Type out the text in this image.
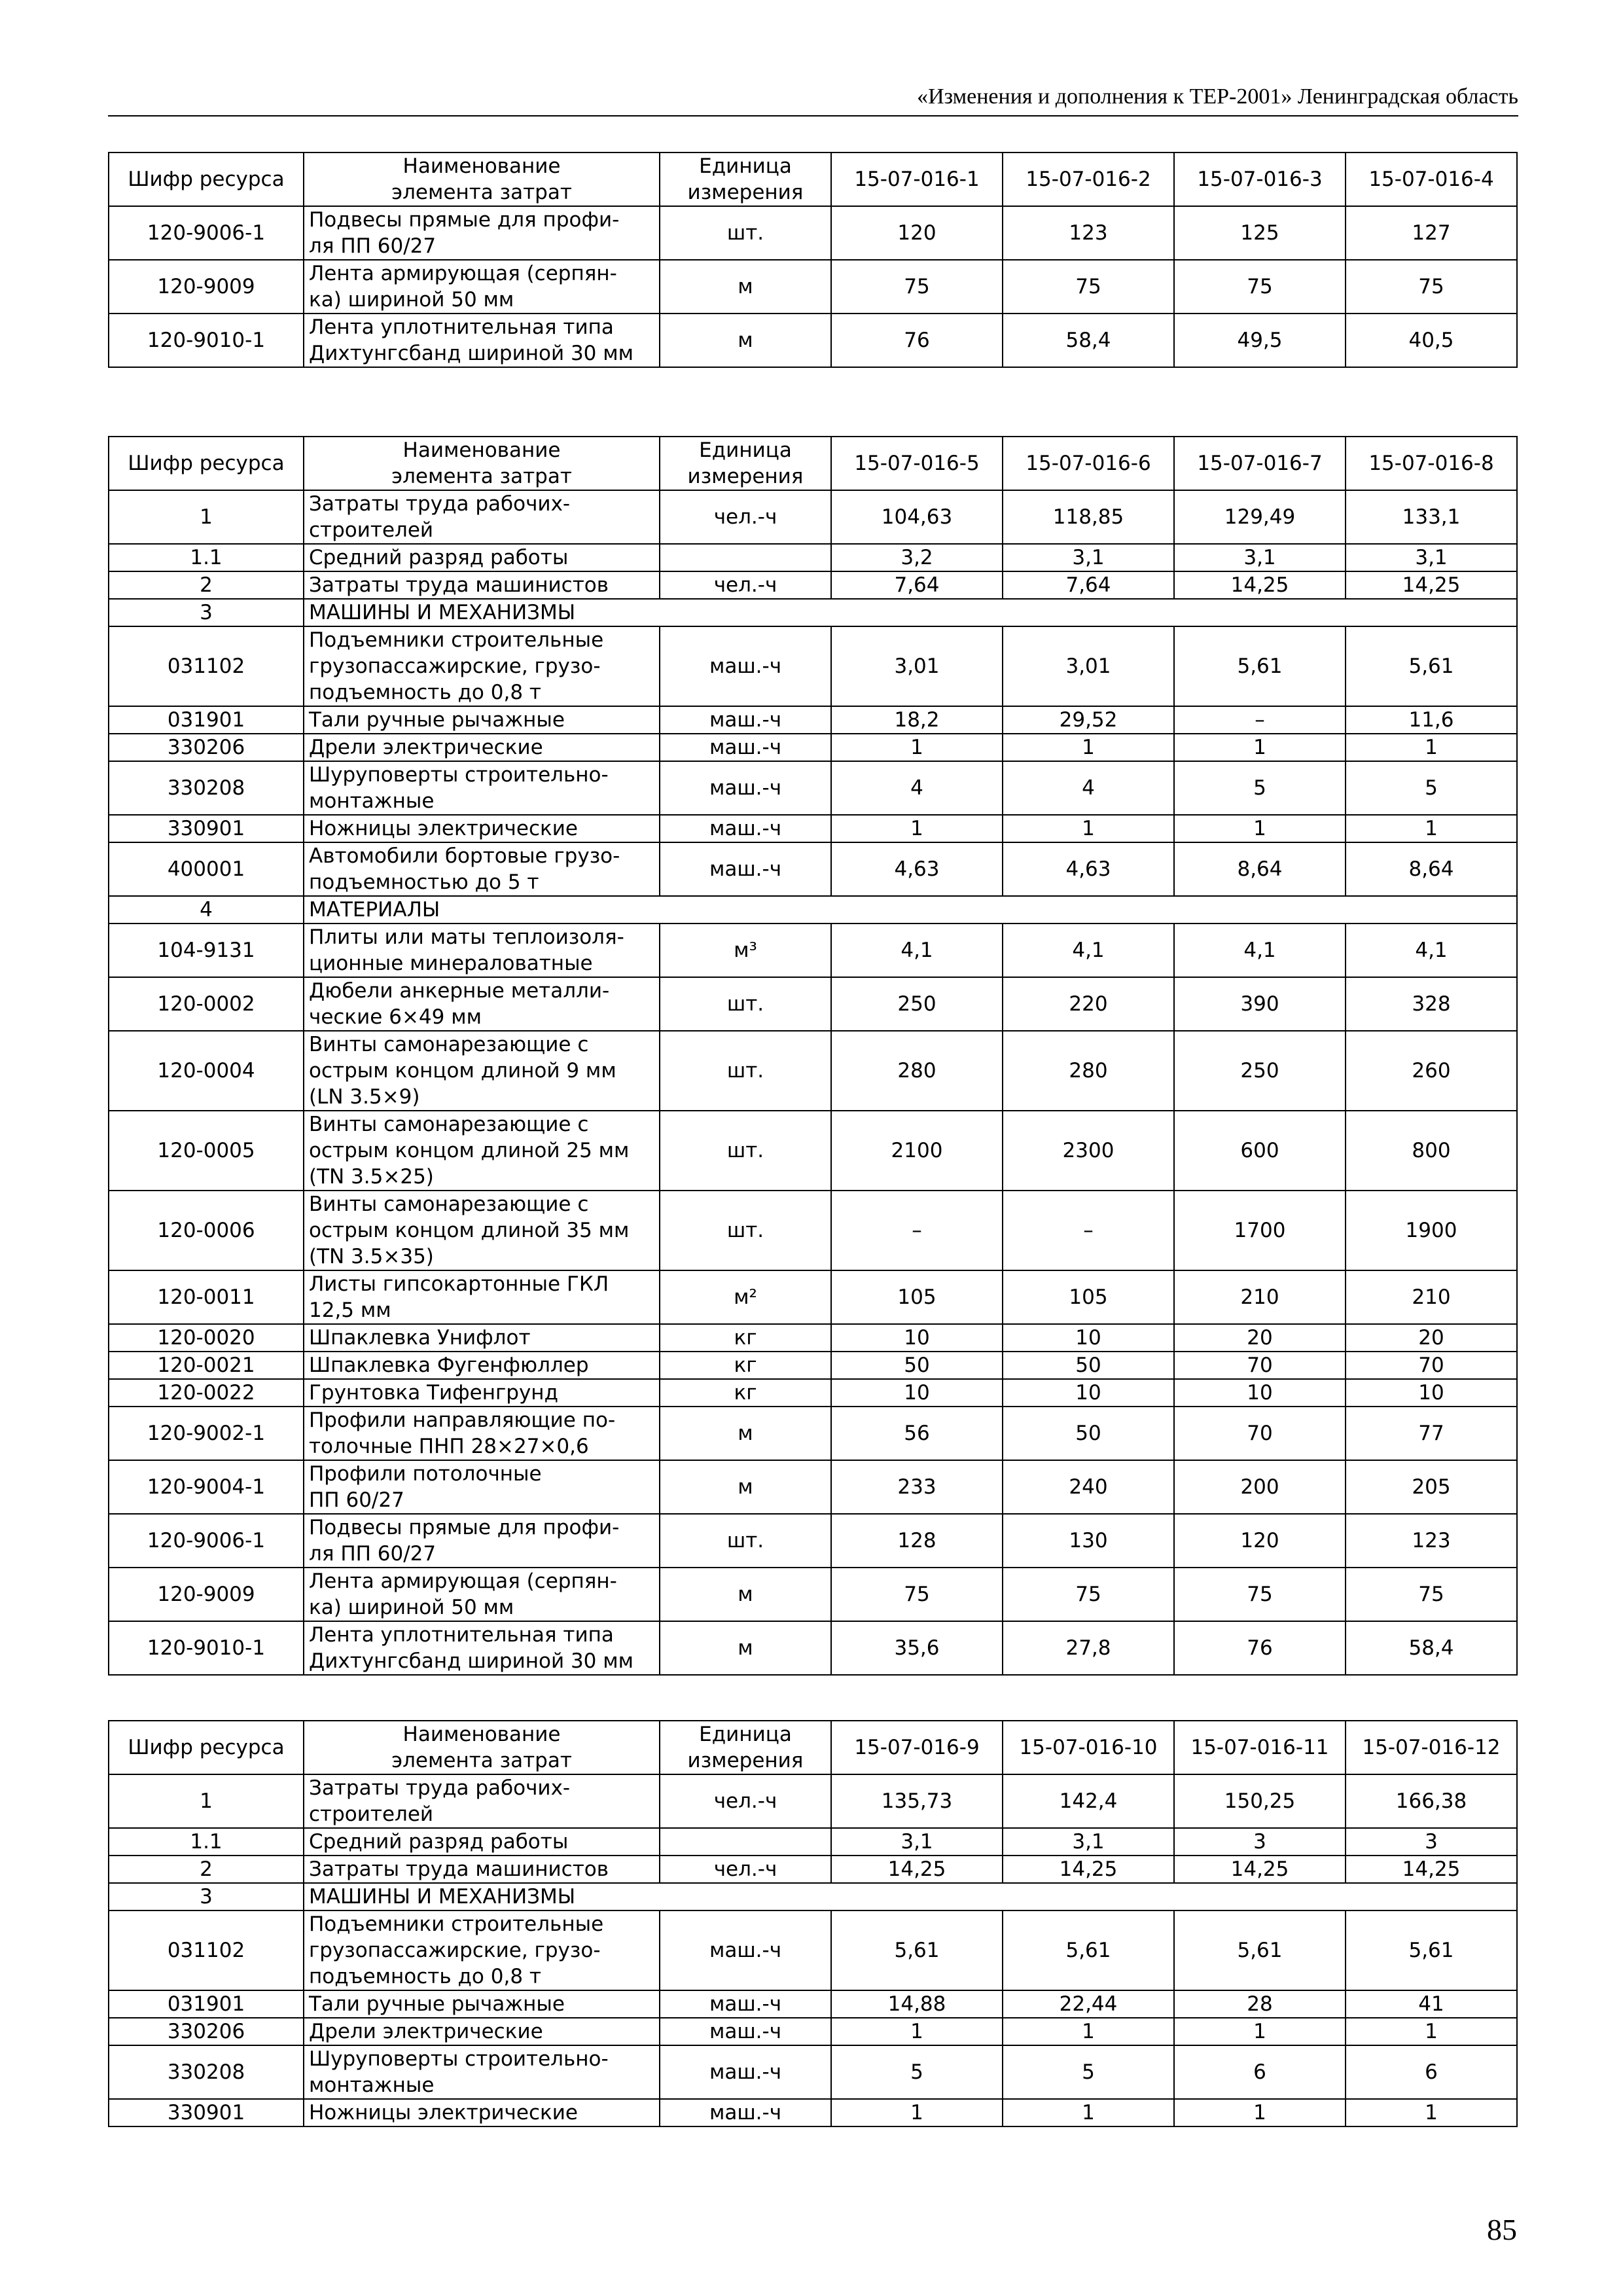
«Изменения и дополнения к ТЕР-2001» Ленинградская область
Шифр ресурса	Наименование
элемента затрат	Единица
измерения	15-07-016-1	15-07-016-2	15-07-016-3	15-07-016-4
120-9006-1	Подвесы прямые для профи-
ля ПП 60/27	шт.	120	123	125	127
120-9009	Лента армирующая (серпян-
ка) шириной 50 мм	м	75	75	75	75
120-9010-1	Лента уплотнительная типа
Дихтунгсбанд шириной 30 мм	м	76	58,4	49,5	40,5
Шифр ресурса	Наименование
элемента затрат	Единица
измерения	15-07-016-5	15-07-016-6	15-07-016-7	15-07-016-8
1	Затраты труда рабочих-
строителей	чел.-ч	104,63	118,85	129,49	133,1
1.1	Средний разряд работы		3,2	3,1	3,1	3,1
2	Затраты труда машинистов	чел.-ч	7,64	7,64	14,25	14,25
3	МАШИНЫ И МЕХАНИЗМЫ					
031102	Подъемники строительные
грузопассажирские, грузо-
подъемность до 0,8 т	маш.-ч	3,01	3,01	5,61	5,61
031901	Тали ручные рычажные	маш.-ч	18,2	29,52	–	11,6
330206	Дрели электрические	маш.-ч	1	1	1	1
330208	Шуруповерты строительно-
монтажные	маш.-ч	4	4	5	5
330901	Ножницы электрические	маш.-ч	1	1	1	1
400001	Автомобили бортовые грузо-
подъемностью до 5 т	маш.-ч	4,63	4,63	8,64	8,64
4	МАТЕРИАЛЫ					
104-9131	Плиты или маты теплоизоля-
ционные минераловатные	м³	4,1	4,1	4,1	4,1
120-0002	Дюбели анкерные металли-
ческие 6×49 мм	шт.	250	220	390	328
120-0004	Винты самонарезающие с
острым концом длиной 9 мм
(LN 3.5×9)	шт.	280	280	250	260
120-0005	Винты самонарезающие с
острым концом длиной 25 мм
(TN 3.5×25)	шт.	2100	2300	600	800
120-0006	Винты самонарезающие с
острым концом длиной 35 мм
(TN 3.5×35)	шт.	–	–	1700	1900
120-0011	Листы гипсокартонные ГКЛ
12,5 мм	м²	105	105	210	210
120-0020	Шпаклевка Унифлот	кг	10	10	20	20
120-0021	Шпаклевка Фугенфюллер	кг	50	50	70	70
120-0022	Грунтовка Тифенгрунд	кг	10	10	10	10
120-9002-1	Профили направляющие по-
толочные ПНП 28×27×0,6	м	56	50	70	77
120-9004-1	Профили потолочные
ПП 60/27	м	233	240	200	205
120-9006-1	Подвесы прямые для профи-
ля ПП 60/27	шт.	128	130	120	123
120-9009	Лента армирующая (серпян-
ка) шириной 50 мм	м	75	75	75	75
120-9010-1	Лента уплотнительная типа
Дихтунгсбанд шириной 30 мм	м	35,6	27,8	76	58,4
Шифр ресурса	Наименование
элемента затрат	Единица
измерения	15-07-016-9	15-07-016-10	15-07-016-11	15-07-016-12
1	Затраты труда рабочих-
строителей	чел.-ч	135,73	142,4	150,25	166,38
1.1	Средний разряд работы		3,1	3,1	3	3
2	Затраты труда машинистов	чел.-ч	14,25	14,25	14,25	14,25
3	МАШИНЫ И МЕХАНИЗМЫ					
031102	Подъемники строительные
грузопассажирские, грузо-
подъемность до 0,8 т	маш.-ч	5,61	5,61	5,61	5,61
031901	Тали ручные рычажные	маш.-ч	14,88	22,44	28	41
330206	Дрели электрические	маш.-ч	1	1	1	1
330208	Шуруповерты строительно-
монтажные	маш.-ч	5	5	6	6
330901	Ножницы электрические	маш.-ч	1	1	1	1
85
